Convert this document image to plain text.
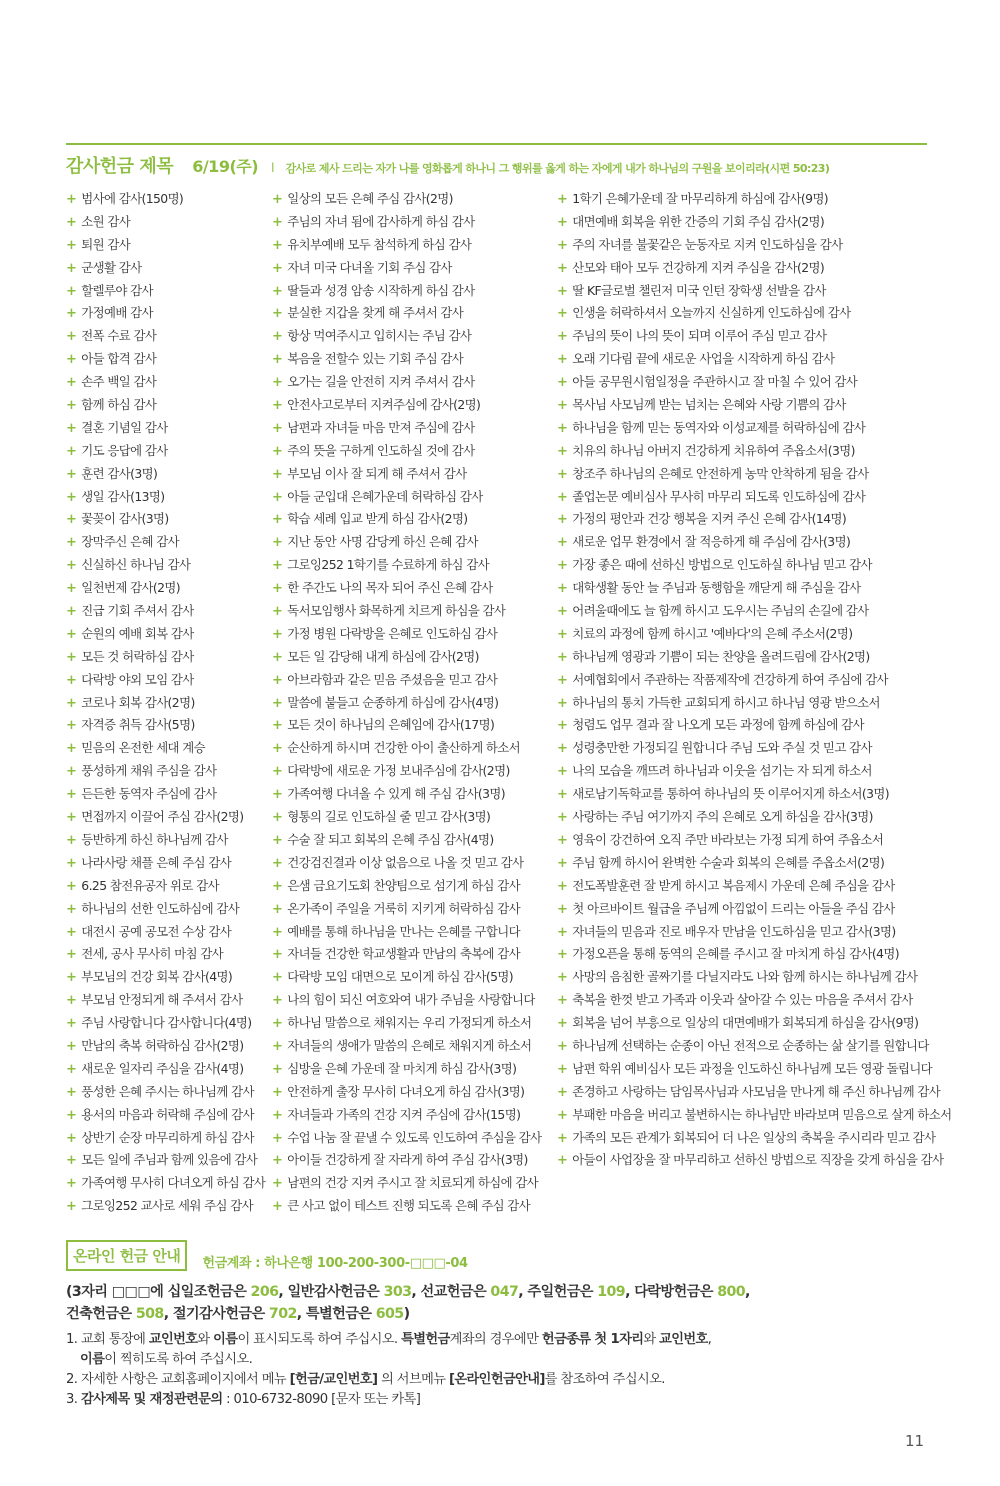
감사헌금 제목 6/19(주) l 감사로 제사 드리는 자가 나를 영화롭게 하나니 그 행위를 옳게 하는 자에게 내가 하나님의 구원을 보이리라(시편 50:23)
+ 범사에 감사(150명)
+ 소원 감사
+ 퇴원 감사
+ 군생활 감사
+ 할렐루야 감사
+ 가정예배 감사
+ 전폭 수료 감사
+ 아들 합격 감사
+ 손주 백일 감사
+ 함께 하심 감사
+ 결혼 기념일 감사
+ 기도 응답에 감사
+ 훈련 감사(3명)
+ 생일 감사(13명)
+ 꽃꽂이 감사(3명)
+ 장막주신 은혜 감사
+ 신실하신 하나님 감사
+ 일천번제 감사(2명)
+ 진급 기회 주셔서 감사
+ 순원의 예배 회복 감사
+ 모든 것 허락하심 감사
+ 다락방 야외 모임 감사
+ 코로나 회복 감사(2명)
+ 자격증 취득 감사(5명)
+ 믿음의 온전한 세대 계승
+ 풍성하게 채워 주심을 감사
+ 든든한 동역자 주심에 감사
+ 면접까지 이끌어 주심 감사(2명)
+ 등반하게 하신 하나님께 감사
+ 나라사랑 채플 은혜 주심 감사
+ 6.25 참전유공자 위로 감사
+ 하나님의 선한 인도하심에 감사
+ 대전시 공예 공모전 수상 감사
+ 전세, 공사 무사히 마침 감사
+ 부모님의 건강 회복 감사(4명)
+ 부모님 안정되게 해 주셔서 감사
+ 주님 사랑합니다 감사합니다(4명)
+ 만남의 축복 허락하심 감사(2명)
+ 새로운 일자리 주심을 감사(4명)
+ 풍성한 은혜 주시는 하나님께 감사
+ 용서의 마음과 허락해 주심에 감사
+ 상반기 순장 마무리하게 하심 감사
+ 모든 일에 주님과 함께 있음에 감사
+ 가족여행 무사히 다녀오게 하심 감사
+ 그로잉252 교사로 세워 주심 감사
+ 일상의 모든 은혜 주심 감사(2명)
+ 주님의 자녀 됨에 감사하게 하심 감사
+ 유치부예배 모두 참석하게 하심 감사
+ 자녀 미국 다녀올 기회 주심 감사
+ 딸들과 성경 암송 시작하게 하심 감사
+ 분실한 지갑을 찾게 해 주셔서 감사
+ 항상 먹여주시고 입히시는 주님 감사
+ 복음을 전할수 있는 기회 주심 감사
+ 오가는 길을 안전히 지켜 주셔서 감사
+ 안전사고로부터 지켜주심에 감사(2명)
+ 남편과 자녀들 마음 만져 주심에 감사
+ 주의 뜻을 구하게 인도하실 것에 감사
+ 부모님 이사 잘 되게 해 주셔서 감사
+ 아들 군입대 은혜가운데 허락하심 감사
+ 학습 세례 입교 받게 하심 감사(2명)
+ 지난 동안 사명 감당케 하신 은혜 감사
+ 그로잉252 1학기를 수료하게 하심 감사
+ 한 주간도 나의 목자 되어 주신 은혜 감사
+ 독서모임행사 화목하게 치르게 하심을 감사
+ 가정 병원 다락방을 은혜로 인도하심 감사
+ 모든 일 감당해 내게 하심에 감사(2명)
+ 아브라함과 같은 믿음 주셨음을 믿고 감사
+ 말씀에 붙들고 순종하게 하심에 감사(4명)
+ 모든 것이 하나님의 은혜임에 감사(17명)
+ 순산하게 하시며 건강한 아이 출산하게 하소서
+ 다락방에 새로운 가정 보내주심에 감사(2명)
+ 가족여행 다녀올 수 있게 해 주심 감사(3명)
+ 형통의 길로 인도하실 줄 믿고 감사(3명)
+ 수술 잘 되고 회복의 은혜 주심 감사(4명)
+ 건강검진결과 이상 없음으로 나올 것 믿고 감사
+ 은샘 금요기도회 찬양팀으로 섬기게 하심 감사
+ 온가족이 주일을 거룩히 지키게 허락하심 감사
+ 예배를 통해 하나님을 만나는 은혜를 구합니다
+ 자녀들 건강한 학교생활과 만남의 축복에 감사
+ 다락방 모임 대면으로 모이게 하심 감사(5명)
+ 나의 힘이 되신 여호와여 내가 주님을 사랑합니다
+ 하나님 말씀으로 채워지는 우리 가정되게 하소서
+ 자녀들의 생애가 말씀의 은혜로 채워지게 하소서
+ 심방을 은혜 가운데 잘 마치게 하심 감사(3명)
+ 안전하게 출장 무사히 다녀오게 하심 감사(3명)
+ 자녀들과 가족의 건강 지켜 주심에 감사(15명)
+ 수업 나눔 잘 끝낼 수 있도록 인도하여 주심을 감사
+ 아이들 건강하게 잘 자라게 하여 주심 감사(3명)
+ 남편의 건강 지켜 주시고 잘 치료되게 하심에 감사
+ 큰 사고 없이 테스트 진행 되도록 은혜 주심 감사
+ 1학기 은혜가운데 잘 마무리하게 하심에 감사(9명)
+ 대면예배 회복을 위한 간증의 기회 주심 감사(2명)
+ 주의 자녀를 불꽃같은 눈동자로 지켜 인도하심을 감사
+ 산모와 태아 모두 건강하게 지켜 주심을 감사(2명)
+ 딸 KF글로벌 챌린저 미국 인턴 장학생 선발을 감사
+ 인생을 허락하셔서 오늘까지 신실하게 인도하심에 감사
+ 주님의 뜻이 나의 뜻이 되며 이루어 주심 믿고 감사
+ 오래 기다림 끝에 새로운 사업을 시작하게 하심 감사
+ 아들 공무원시험일정을 주관하시고 잘 마칠 수 있어 감사
+ 목사님 사모님께 받는 넘치는 은혜와 사랑 기쁨의 감사
+ 하나님을 함께 믿는 동역자와 이성교제를 허락하심에 감사
+ 치유의 하나님 아버지 건강하게 치유하여 주옵소서(3명)
+ 창조주 하나님의 은혜로 안전하게 농막 안착하게 됨을 감사
+ 졸업논문 예비심사 무사히 마무리 되도록 인도하심에 감사
+ 가정의 평안과 건강 행복을 지켜 주신 은혜 감사(14명)
+ 새로운 업무 환경에서 잘 적응하게 해 주심에 감사(3명)
+ 가장 좋은 때에 선하신 방법으로 인도하실 하나님 믿고 감사
+ 대학생활 동안 늘 주님과 동행함을 깨닫게 해 주심을 감사
+ 어려울때에도 늘 함께 하시고 도우시는 주님의 손길에 감사
+ 치료의 과정에 함께 하시고 '예바다'의 은혜 주소서(2명)
+ 하나님께 영광과 기쁨이 되는 찬양을 올려드림에 감사(2명)
+ 서예협회에서 주관하는 작품제작에 건강하게 하여 주심에 감사
+ 하나님의 통치 가득한 교회되게 하시고 하나님 영광 받으소서
+ 청렴도 업무 결과 잘 나오게 모든 과정에 함께 하심에 감사
+ 성령충만한 가정되길 원합니다 주님 도와 주실 것 믿고 감사
+ 나의 모습을 깨뜨려 하나님과 이웃을 섬기는 자 되게 하소서
+ 새로남기독학교를 통하여 하나님의 뜻 이루어지게 하소서(3명)
+ 사랑하는 주님 여기까지 주의 은혜로 오게 하심을 감사(3명)
+ 영육이 강건하여 오직 주만 바라보는 가정 되게 하여 주옵소서
+ 주님 함께 하시어 완벽한 수술과 회복의 은혜를 주옵소서(2명)
+ 전도폭발훈련 잘 받게 하시고 복음제시 가운데 은혜 주심을 감사
+ 첫 아르바이트 월급을 주님께 아낌없이 드리는 아들을 주심 감사
+ 자녀들의 믿음과 진로 배우자 만남을 인도하심을 믿고 감사(3명)
+ 가정오픈을 통해 동역의 은혜를 주시고 잘 마치게 하심 감사(4명)
+ 사망의 음침한 골짜기를 다닐지라도 나와 함께 하시는 하나님께 감사
+ 축복을 한껏 받고 가족과 이웃과 살아갈 수 있는 마음을 주셔서 감사
+ 회복을 넘어 부흥으로 일상의 대면예배가 회복되게 하심을 감사(9명)
+ 하나님께 선택하는 순종이 아닌 전적으로 순종하는 삶 살기를 원합니다
+ 남편 학위 예비심사 모든 과정을 인도하신 하나님께 모든 영광 돌립니다
+ 존경하고 사랑하는 담임목사님과 사모님을 만나게 해 주신 하나님께 감사
+ 부패한 마음을 버리고 불변하시는 하나님만 바라보며 믿음으로 살게 하소서
+ 가족의 모든 관계가 회복되어 더 나은 일상의 축복을 주시리라 믿고 감사
+ 아들이 사업장을 잘 마무리하고 선하신 방법으로 직장을 갖게 하심을 감사
온라인 헌금 안내 헌금계좌 : 하나은행 100-200-300-□□□-04
(3자리 □□□에 십일조헌금은 206, 일반감사헌금은 303, 선교헌금은 047, 주일헌금은 109, 다락방헌금은 800,
건축헌금은 508, 절기감사헌금은 702, 특별헌금은 605)
1. 교회 통장에 교인번호와 이름이 표시되도록 하여 주십시오. 특별헌금계좌의 경우에만 헌금종류 첫 1자리와 교인번호,
이름이 찍히도록 하여 주십시오.
2. 자세한 사항은 교회홈페이지에서 메뉴 [헌금/교인번호] 의 서브메뉴 [온라인헌금안내]를 참조하여 주십시오.
3. 감사제목 및 재정관련문의 : 010-6732-8090 [문자 또는 카톡]
11
